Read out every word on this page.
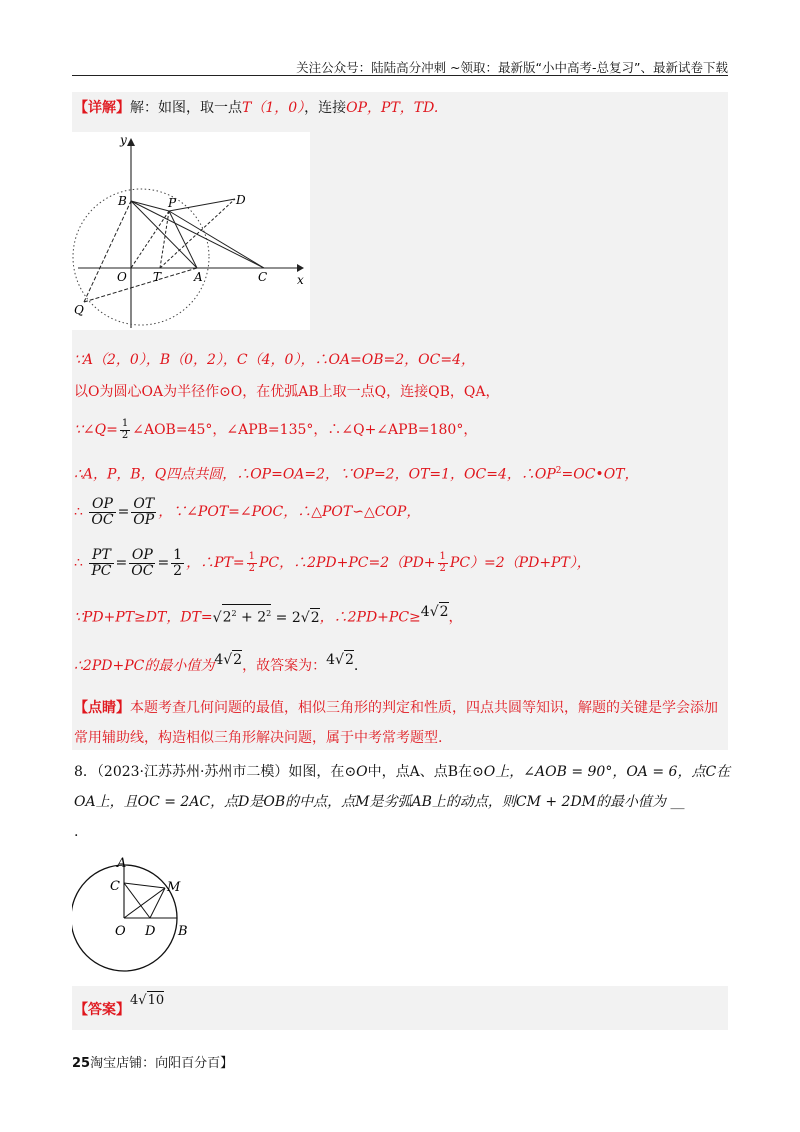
关注公众号：陆陆高分冲刺 ~领取：最新版“小中高考-总复习”、最新试卷下载
【详解】解：如图，取一点T（1，0），连接OP，PT，TD.
x
y
B	P	D
O T	A	C
Q
∵A（2，0），B（0，2），C（4，0），∴OA=OB=2，OC=4，
以O为圆心OA为半径作⊙O，在优弧AB上取一点Q，连接QB，QA，
∵∠Q= $\frac{1}{2}$ ∠AOB=45°，∠APB=135°，∴∠Q+∠APB=180°，
∴A，P，B，Q四点共圆，∴OP=OA=2，∵OP=2，OT=1，OC=4，$\therefore OP^2=OC•OT$，
∴ $\frac{OP}{OC} = \frac{OT}{OP}$ ，∵∠POT=∠POC，∴△POT∽△COP，
∴ $\frac{PT}{PC} = \frac{OP}{OC} = \frac{1}{2}$ ，∴PT= $\frac{1}{2}$ PC，∴2PD+PC=2（PD+ $\frac{1}{2} PC)=2(PD+PT)$，
∵PD+PT≥DT，$DT=√2^2 + 2^2 = 2√2$，∴2PD+PC≥4√2，
∴2PD+PC的最小值为4√2，故答案为：4√2.
【点睛】本题考查几何问题的最值，相似三角形的判定和性质，四点共圆等知识，解题的关键是学会添加
常用辅助线，构造相似三角形解决问题，属于中考常考题型.
8．（2023·江苏苏州·苏州市二模）如图，在⊙O中，点A、点B在⊙O上，∠AOB = 90°，OA = 6，点C在
OA上，且OC = 2AC，点D是OB的中点，点M是劣弧AB上的动点，则CM + 2DM的最小值为 __
.
A
C	M
O D B
【答案】4√10
25淘宝店铺：向阳百分百】
